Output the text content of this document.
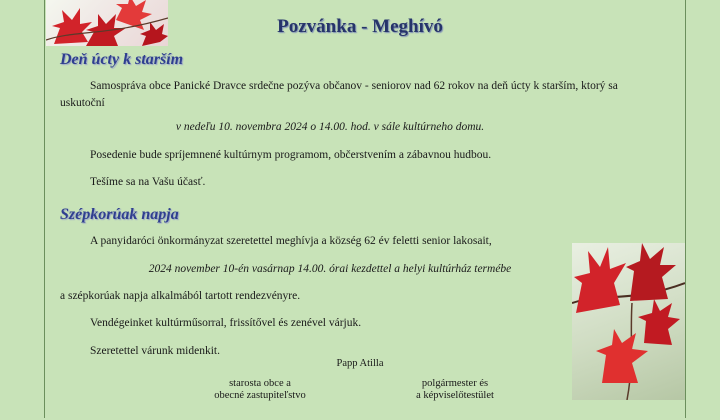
Pozvánka - Meghívó
Deň úcty k starším
Samospráva obce Panické Dravce srdečne pozýva občanov - seniorov nad 62 rokov na deň úcty k starším, ktorý sa
uskutoční
v nedeľu 10. novembra 2024 o 14.00. hod. v sále kultúrneho domu.
Posedenie bude spríjemnené kultúrnym programom, občerstvením a zábavnou hudbou.
Tešíme sa na Vašu účasť.
Szépkorúak napja
A panyidaróci önkormányzat szeretettel meghívja a község 62 év feletti senior lakosait,
2024 november 10-én vasárnap 14.00. órai kezdettel a helyi kultúrház termébe
a szépkorúak napja alkalmából tartott rendezvényre.
Vendégeinket kultúrműsorral, frissítővel és zenével várjuk.
Szeretettel várunk midenkit.
Papp Atilla
starosta obce a
obecné zastupiteľstvo
polgármester és
a képviselőtestület
